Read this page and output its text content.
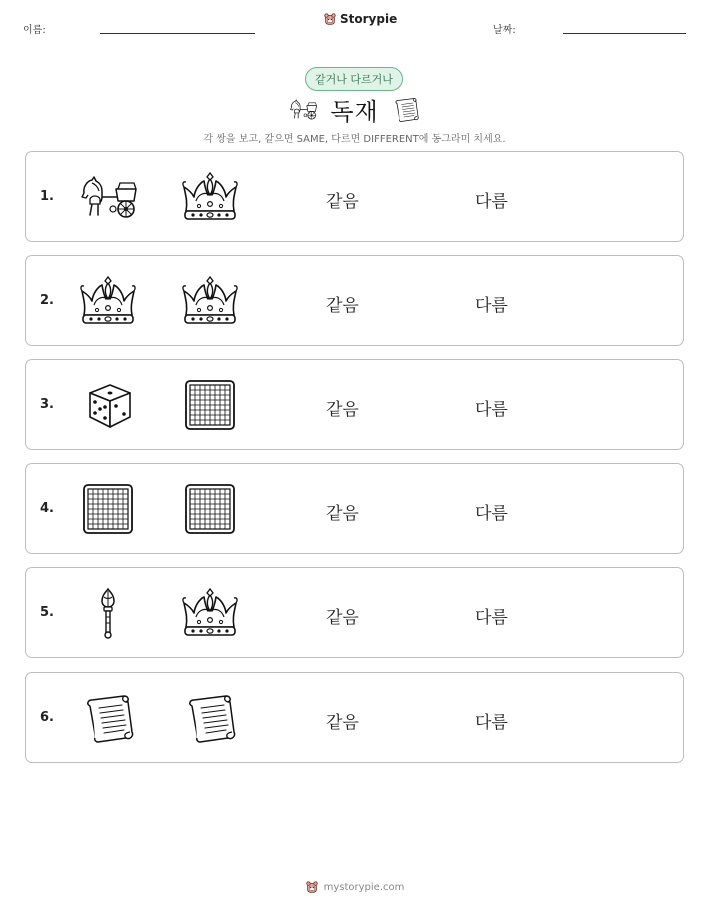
이름:
Storypie
날짜:
같거나 다르거나
독재
각 쌍을 보고, 같으면 SAME, 다르면 DIFFERENT에 동그라미 치세요.
1.	같음	다름
2.	같음	다름
3.	같음	다름
4.	같음	다름
5.	같음	다름
6.	같음	다름
mystorypie.com
